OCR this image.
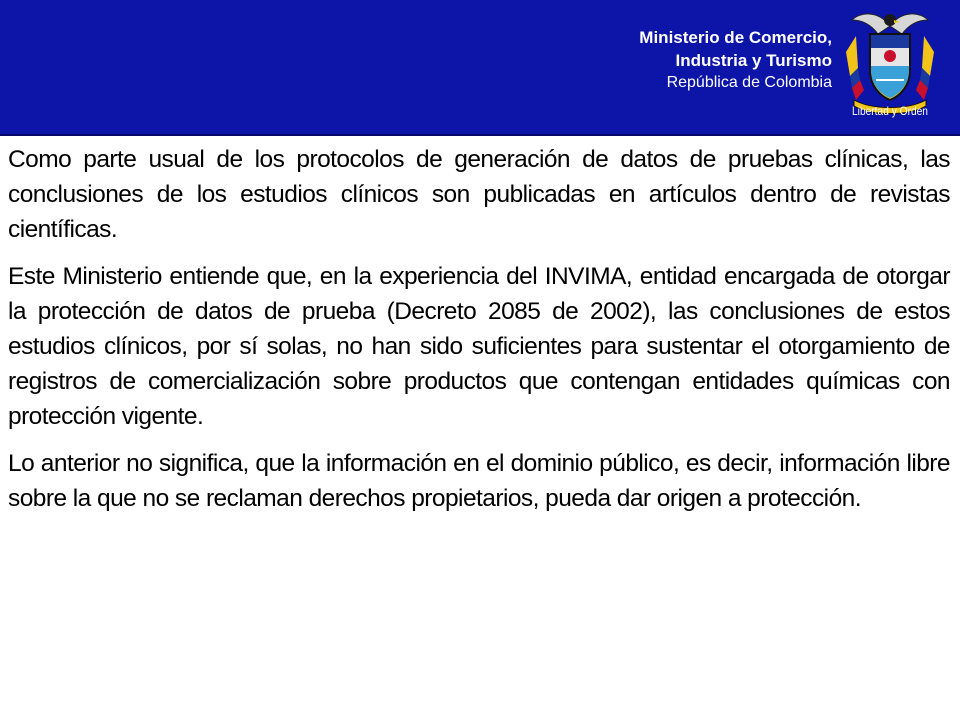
Ministerio de Comercio,
Industria y Turismo
República de Colombia
Libertad y Orden

Como parte usual de los protocolos de generación de datos de pruebas clínicas, las conclusiones de los estudios clínicos son publicadas en artículos dentro de revistas científicas.

Este Ministerio entiende que, en la experiencia del INVIMA, entidad encargada de otorgar la protección de datos de prueba (Decreto 2085 de 2002), las conclusiones de estos estudios clínicos, por sí solas, no han sido suficientes para sustentar el otorgamiento de registros de comercialización sobre productos que contengan entidades químicas con protección vigente.

Lo anterior no significa, que la información en el dominio público, es decir, información libre sobre la que no se reclaman derechos propietarios, pueda dar origen a protección.
